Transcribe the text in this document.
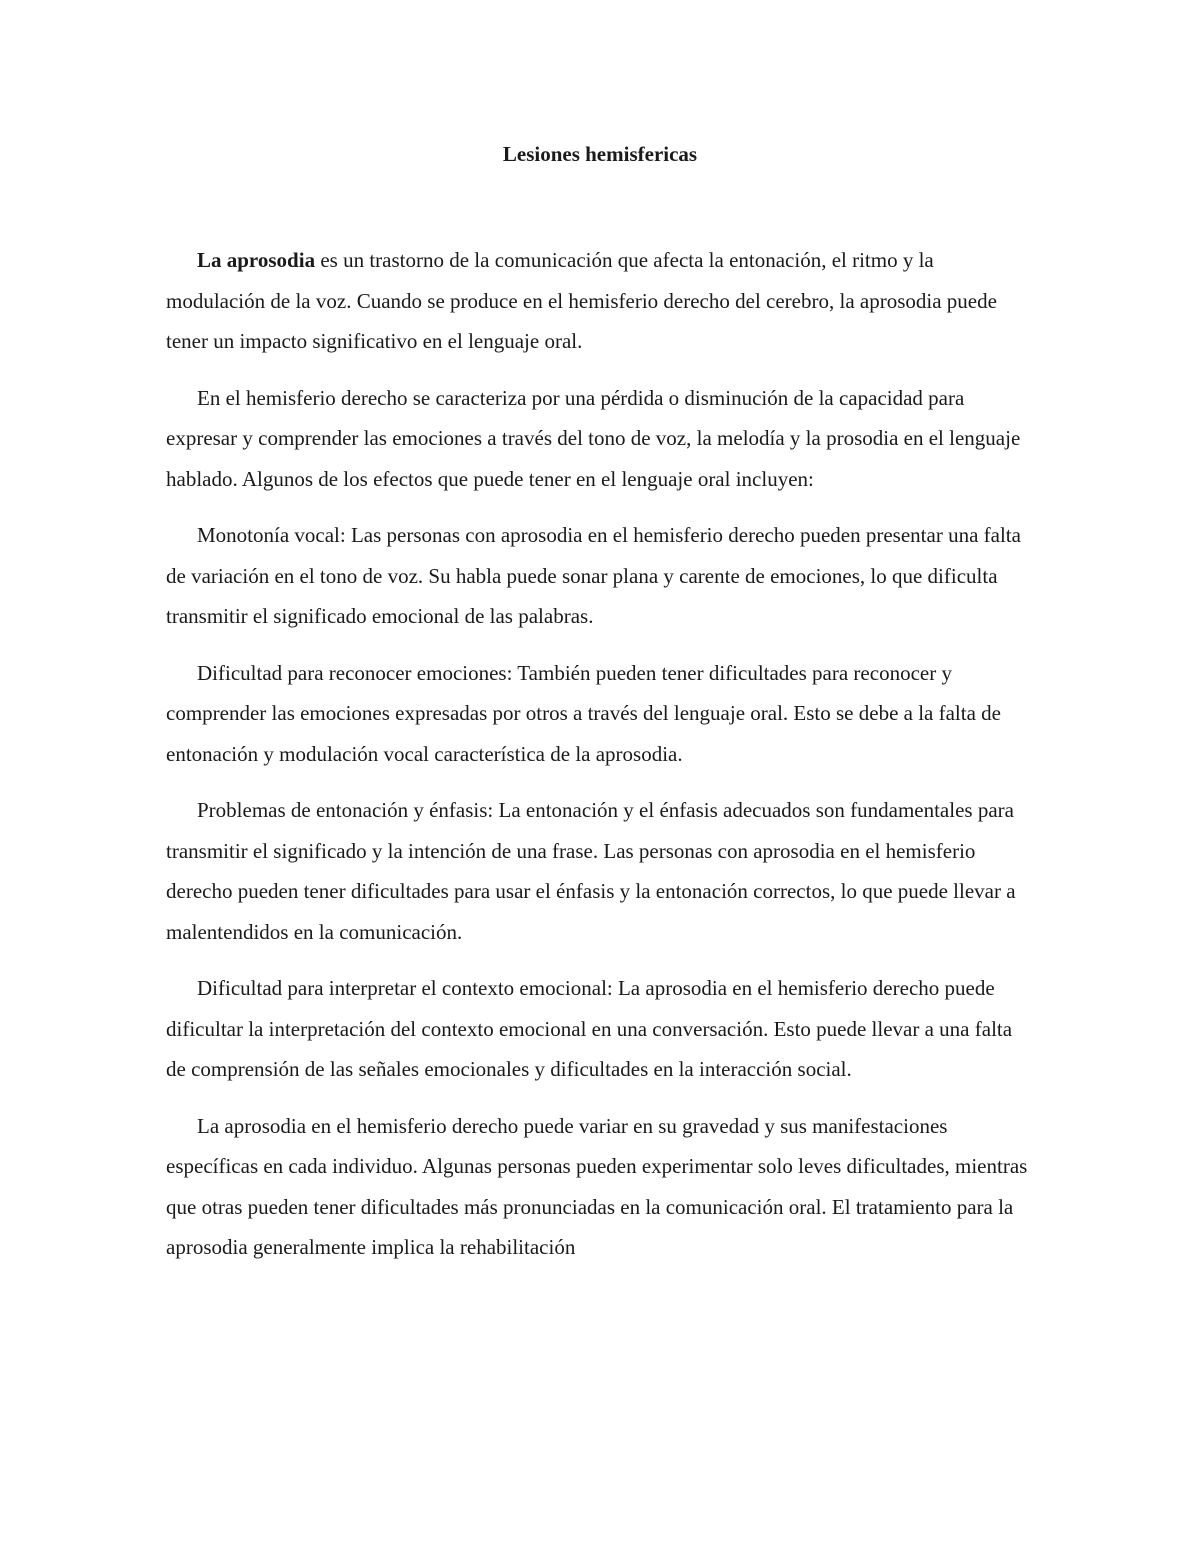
Lesiones hemisfericas

La aprosodia es un trastorno de la comunicación que afecta la entonación, el ritmo y la modulación de la voz. Cuando se produce en el hemisferio derecho del cerebro, la aprosodia puede tener un impacto significativo en el lenguaje oral.

En el hemisferio derecho se caracteriza por una pérdida o disminución de la capacidad para expresar y comprender las emociones a través del tono de voz, la melodía y la prosodia en el lenguaje hablado. Algunos de los efectos que puede tener en el lenguaje oral incluyen:

Monotonía vocal: Las personas con aprosodia en el hemisferio derecho pueden presentar una falta de variación en el tono de voz. Su habla puede sonar plana y carente de emociones, lo que dificulta transmitir el significado emocional de las palabras.

Dificultad para reconocer emociones: También pueden tener dificultades para reconocer y comprender las emociones expresadas por otros a través del lenguaje oral. Esto se debe a la falta de entonación y modulación vocal característica de la aprosodia.

Problemas de entonación y énfasis: La entonación y el énfasis adecuados son fundamentales para transmitir el significado y la intención de una frase. Las personas con aprosodia en el hemisferio derecho pueden tener dificultades para usar el énfasis y la entonación correctos, lo que puede llevar a malentendidos en la comunicación.

Dificultad para interpretar el contexto emocional: La aprosodia en el hemisferio derecho puede dificultar la interpretación del contexto emocional en una conversación. Esto puede llevar a una falta de comprensión de las señales emocionales y dificultades en la interacción social.

La aprosodia en el hemisferio derecho puede variar en su gravedad y sus manifestaciones específicas en cada individuo. Algunas personas pueden experimentar solo leves dificultades, mientras que otras pueden tener dificultades más pronunciadas en la comunicación oral. El tratamiento para la aprosodia generalmente implica la rehabilitación
